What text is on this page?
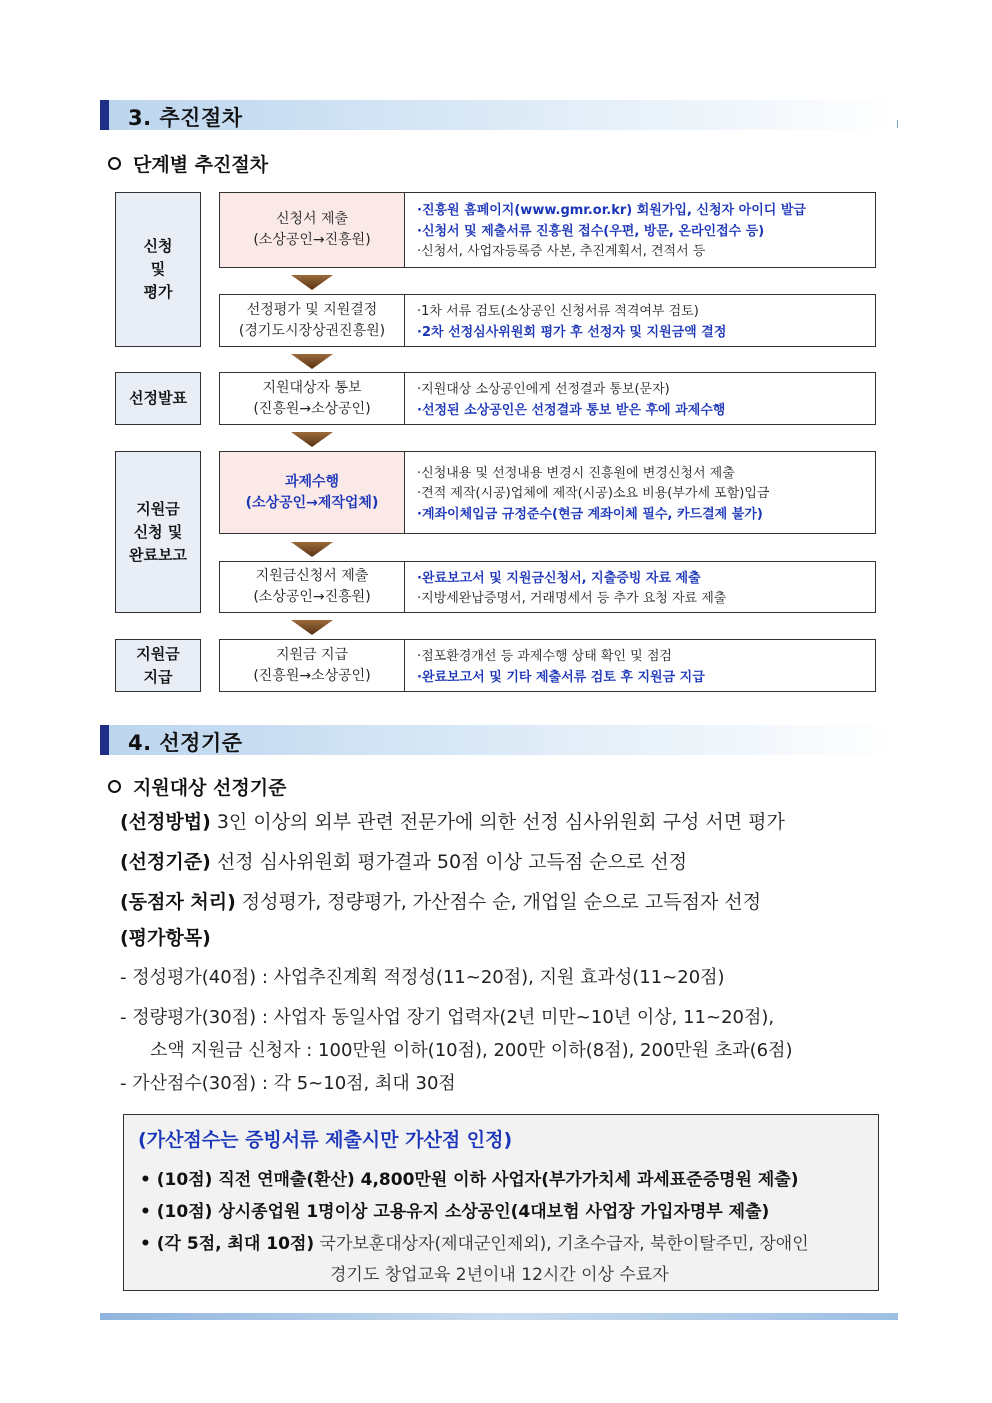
3. 추진절차
단계별 추진절차
신청
및
평가
선정발표
지원금
신청 및
완료보고
지원금
지급
신청서 제출
(소상공인→진흥원)
·진흥원 홈페이지(www.gmr.or.kr) 회원가입, 신청자 아이디 발급
·신청서 및 제출서류 진흥원 접수(우편, 방문, 온라인접수 등)
·신청서, 사업자등록증 사본, 추진계획서, 견적서 등
선정평가 및 지원결정
(경기도시장상권진흥원)
·1차 서류 검토(소상공인 신청서류 적격여부 검토)
·2차 선정심사위원회 평가 후 선정자 및 지원금액 결정
지원대상자 통보
(진흥원→소상공인)
·지원대상 소상공인에게 선정결과 통보(문자)
·선정된 소상공인은 선정결과 통보 받은 후에 과제수행
과제수행
(소상공인→제작업체)
·신청내용 및 선정내용 변경시 진흥원에 변경신청서 제출
·견적 제작(시공)업체에 제작(시공)소요 비용(부가세 포함)입금
·계좌이체입금 규정준수(현금 계좌이체 필수, 카드결제 불가)
지원금신청서 제출
(소상공인→진흥원)
·완료보고서 및 지원금신청서, 지출증빙 자료 제출
·지방세완납증명서, 거래명세서 등 추가 요청 자료 제출
지원금 지급
(진흥원→소상공인)
·점포환경개선 등 과제수행 상태 확인 및 점검
·완료보고서 및 기타 제출서류 검토 후 지원금 지급
4. 선정기준
지원대상 선정기준
(선정방법) 3인 이상의 외부 관련 전문가에 의한 선정 심사위원회 구성 서면 평가
(선정기준) 선정 심사위원회 평가결과 50점 이상 고득점 순으로 선정
(동점자 처리) 정성평가, 정량평가, 가산점수 순, 개업일 순으로 고득점자 선정
(평가항목)
- 정성평가(40점) : 사업추진계획 적정성(11~20점), 지원 효과성(11~20점)
- 정량평가(30점) : 사업자 동일사업 장기 업력자(2년 미만~10년 이상, 11~20점),
소액 지원금 신청자 : 100만원 이하(10점), 200만 이하(8점), 200만원 초과(6점)
- 가산점수(30점) : 각 5~10점, 최대 30점
(가산점수는 증빙서류 제출시만 가산점 인정)
• (10점) 직전 연매출(환산) 4,800만원 이하 사업자(부가가치세 과세표준증명원 제출)
• (10점) 상시종업원 1명이상 고용유지 소상공인(4대보험 사업장 가입자명부 제출)
• (각 5점, 최대 10점) 국가보훈대상자(제대군인제외), 기초수급자, 북한이탈주민, 장애인
경기도 창업교육 2년이내 12시간 이상 수료자
